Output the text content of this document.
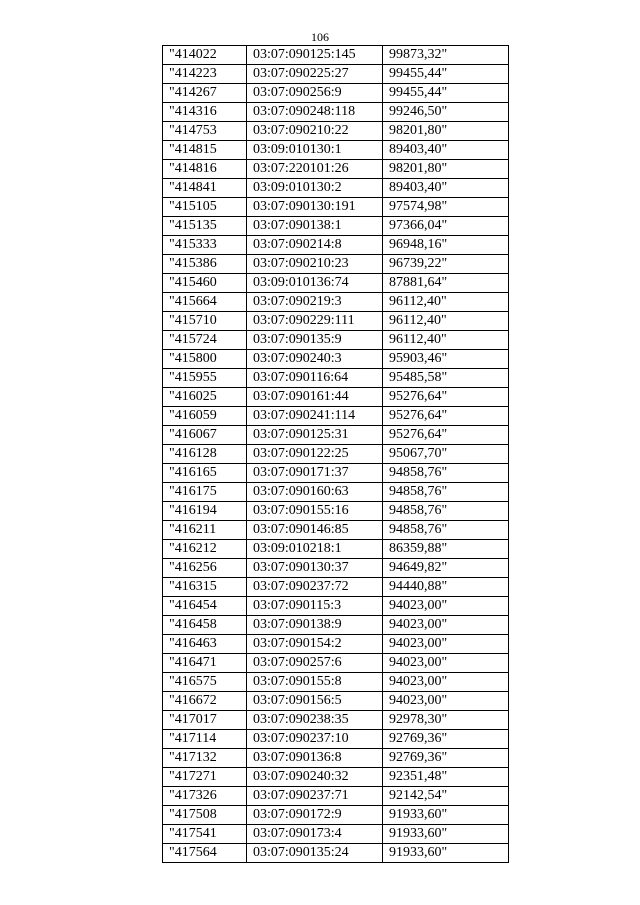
106
"414022	03:07:090125:145	99873,32"
"414223	03:07:090225:27	99455,44"
"414267	03:07:090256:9	99455,44"
"414316	03:07:090248:118	99246,50"
"414753	03:07:090210:22	98201,80"
"414815	03:09:010130:1	89403,40"
"414816	03:07:220101:26	98201,80"
"414841	03:09:010130:2	89403,40"
"415105	03:07:090130:191	97574,98"
"415135	03:07:090138:1	97366,04"
"415333	03:07:090214:8	96948,16"
"415386	03:07:090210:23	96739,22"
"415460	03:09:010136:74	87881,64"
"415664	03:07:090219:3	96112,40"
"415710	03:07:090229:111	96112,40"
"415724	03:07:090135:9	96112,40"
"415800	03:07:090240:3	95903,46"
"415955	03:07:090116:64	95485,58"
"416025	03:07:090161:44	95276,64"
"416059	03:07:090241:114	95276,64"
"416067	03:07:090125:31	95276,64"
"416128	03:07:090122:25	95067,70"
"416165	03:07:090171:37	94858,76"
"416175	03:07:090160:63	94858,76"
"416194	03:07:090155:16	94858,76"
"416211	03:07:090146:85	94858,76"
"416212	03:09:010218:1	86359,88"
"416256	03:07:090130:37	94649,82"
"416315	03:07:090237:72	94440,88"
"416454	03:07:090115:3	94023,00"
"416458	03:07:090138:9	94023,00"
"416463	03:07:090154:2	94023,00"
"416471	03:07:090257:6	94023,00"
"416575	03:07:090155:8	94023,00"
"416672	03:07:090156:5	94023,00"
"417017	03:07:090238:35	92978,30"
"417114	03:07:090237:10	92769,36"
"417132	03:07:090136:8	92769,36"
"417271	03:07:090240:32	92351,48"
"417326	03:07:090237:71	92142,54"
"417508	03:07:090172:9	91933,60"
"417541	03:07:090173:4	91933,60"
"417564	03:07:090135:24	91933,60"
